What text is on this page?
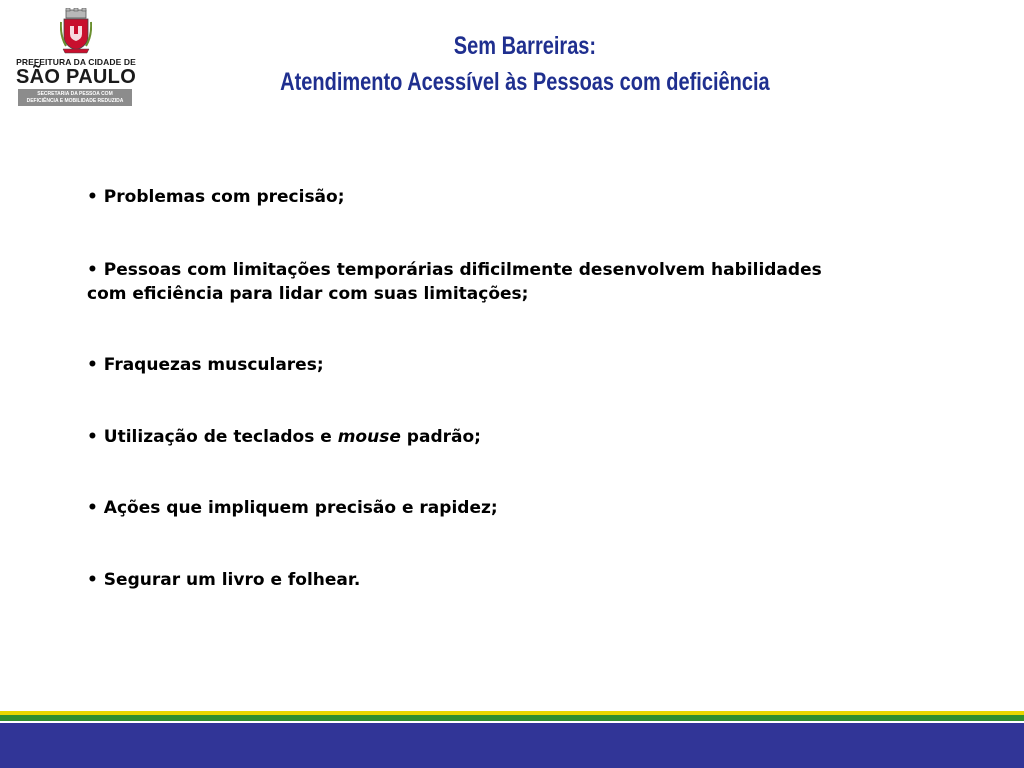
PREFEITURA DA CIDADE DE
SÃO PAULO
SECRETARIA DA PESSOA COM
DEFICIÊNCIA E MOBILIDADE REDUZIDA
Sem Barreiras:
Atendimento Acessível às Pessoas com deficiência
• Problemas com precisão;
• Pessoas com limitações temporárias dificilmente desenvolvem habilidades com eficiência para lidar com suas limitações;
• Fraquezas musculares;
• Utilização de teclados e mouse padrão;
• Ações que impliquem precisão e rapidez;
• Segurar um livro e folhear.
